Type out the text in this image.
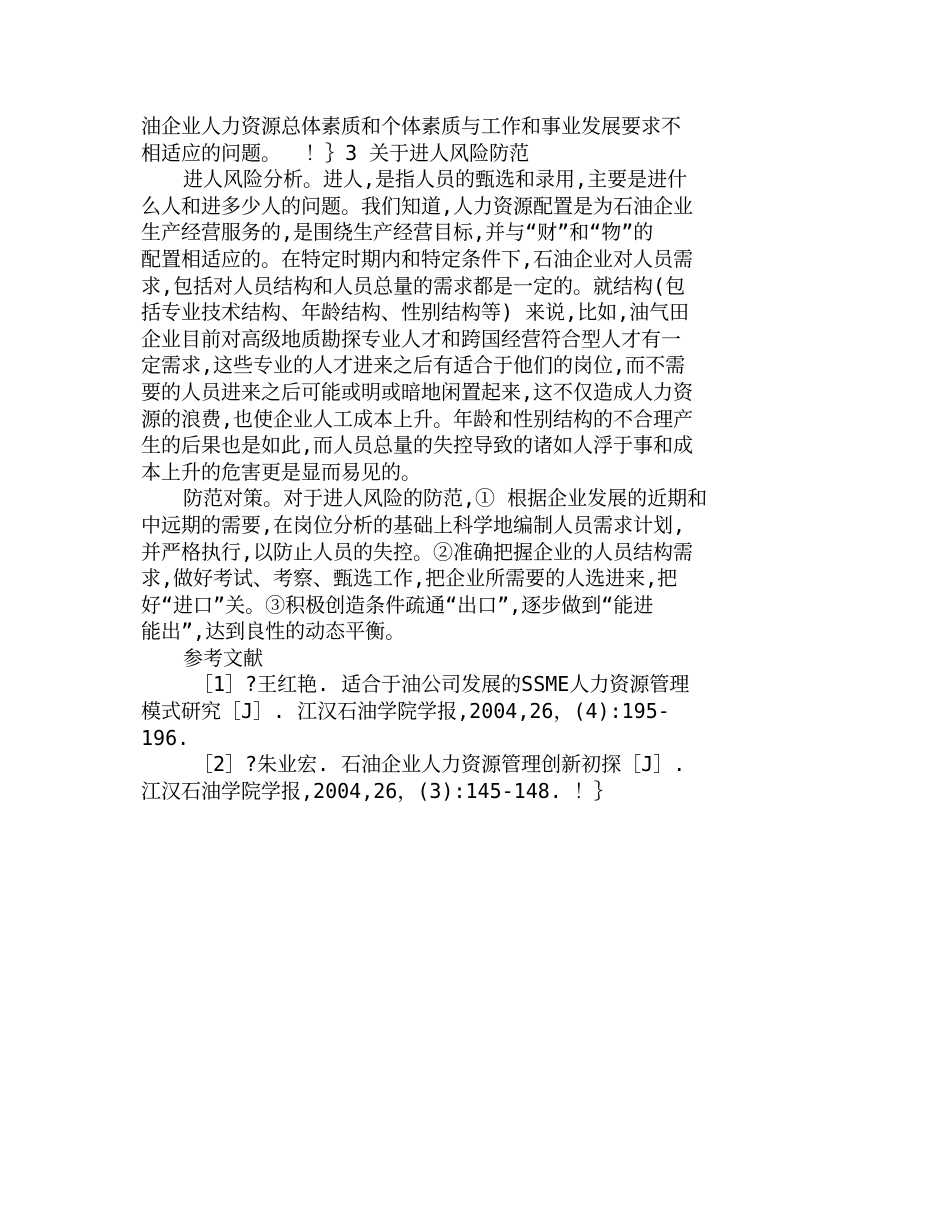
油企业人力资源总体素质和个体素质与工作和事业发展要求不
相适应的问题。  ！｝3 关于进人风险防范
进人风险分析。进人,是指人员的甄选和录用,主要是进什
么人和进多少人的问题。我们知道,人力资源配置是为石油企业
生产经营服务的,是围绕生产经营目标,并与“财”和“物”的
配置相适应的。在特定时期内和特定条件下,石油企业对人员需
求,包括对人员结构和人员总量的需求都是一定的。就结构(包
括专业技术结构、年龄结构、性别结构等) 来说,比如,油气田
企业目前对高级地质勘探专业人才和跨国经营符合型人才有一
定需求,这些专业的人才进来之后有适合于他们的岗位,而不需
要的人员进来之后可能或明或暗地闲置起来,这不仅造成人力资
源的浪费,也使企业人工成本上升。年龄和性别结构的不合理产
生的后果也是如此,而人员总量的失控导致的诸如人浮于事和成
本上升的危害更是显而易见的。
防范对策。对于进人风险的防范,① 根据企业发展的近期和
中远期的需要,在岗位分析的基础上科学地编制人员需求计划,
并严格执行,以防止人员的失控。②准确把握企业的人员结构需
求,做好考试、考察、甄选工作,把企业所需要的人选进来,把
好“进口”关。③积极创造条件疏通“出口”,逐步做到“能进
能出”,达到良性的动态平衡。
参考文献
［1］?王红艳. 适合于油公司发展的SSME人力资源管理
模式研究［J］. 江汉石油学院学报,2004,26，(4):195-
196.
［2］?朱业宏. 石油企业人力资源管理创新初探［J］.
江汉石油学院学报,2004,26，(3):145-148. ！｝
